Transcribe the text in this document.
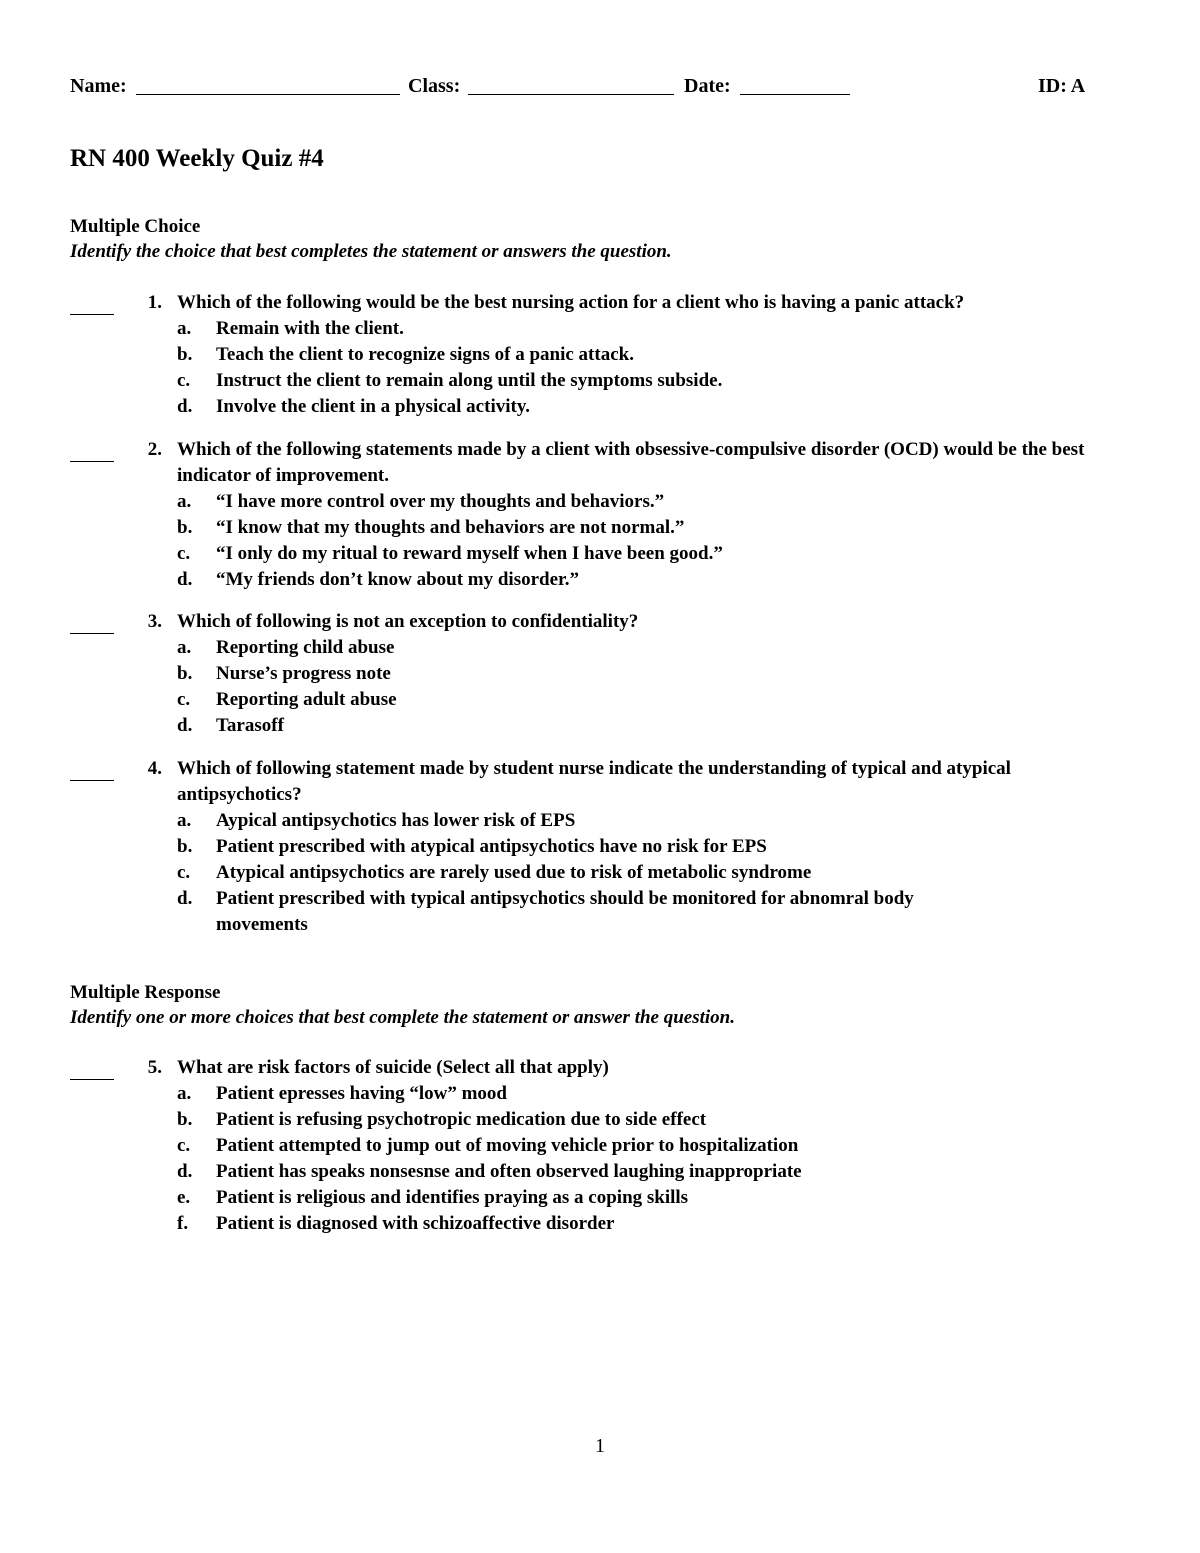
Name:	Class:	Date:	ID: A
RN 400 Weekly Quiz #4
Multiple Choice
Identify the choice that best completes the statement or answers the question.
1. Which of the following would be the best nursing action for a client who is having a panic attack?
a.	Remain with the client.
b.	Teach the client to recognize signs of a panic attack.
c.	Instruct the client to remain along until the symptoms subside.
d.	Involve the client in a physical activity.
2. Which of the following statements made by a client with obsessive-compulsive disorder (OCD) would be the best indicator of improvement.
a.	“I have more control over my thoughts and behaviors.”
b.	“I know that my thoughts and behaviors are not normal.”
c.	“I only do my ritual to reward myself when I have been good.”
d.	“My friends don’t know about my disorder.”
3. Which of following is not an exception to confidentiality?
a.	Reporting child abuse
b.	Nurse’s progress note
c.	Reporting adult abuse
d.	Tarasoff
4. Which of following statement made by student nurse indicate the understanding of typical and atypical antipsychotics?
a.	Aypical antipsychotics has lower risk of EPS
b.	Patient prescribed with atypical antipsychotics have no risk for EPS
c.	Atypical antipsychotics are rarely used due to risk of metabolic syndrome
d.	Patient prescribed with typical antipsychotics should be monitored for abnomral body movements
Multiple Response
Identify one or more choices that best complete the statement or answer the question.
5. What are risk factors of suicide (Select all that apply)
a.	Patient epresses having “low” mood
b.	Patient is refusing psychotropic medication due to side effect
c.	Patient attempted to jump out of moving vehicle prior to hospitalization
d.	Patient has speaks nonsesnse and often observed laughing inappropriate
e.	Patient is religious and identifies praying as a coping skills
f.	Patient is diagnosed with schizoaffective disorder
1
